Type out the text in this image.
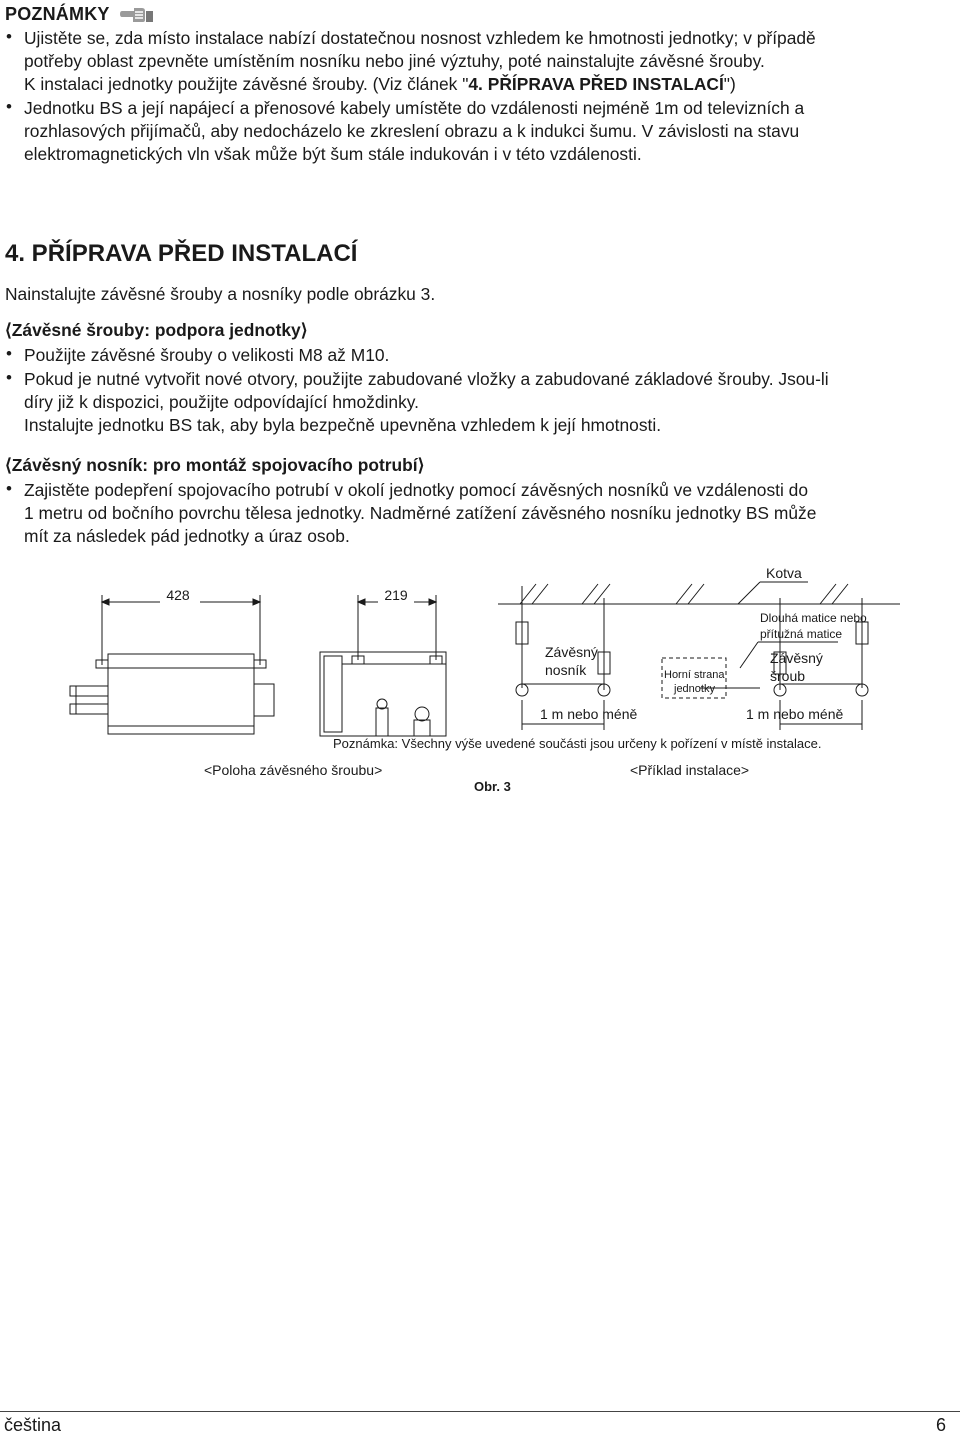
POZNÁMKY
• Ujistěte se, zda místo instalace nabízí dostatečnou nosnost vzhledem ke hmotnosti jednotky; v případě
potřeby oblast zpevněte umístěním nosníku nebo jiné výztuhy, poté nainstalujte závěsné šrouby.
K instalaci jednotky použijte závěsné šrouby. (Viz článek "4. PŘÍPRAVA PŘED INSTALACÍ")
• Jednotku BS a její napájecí a přenosové kabely umístěte do vzdálenosti nejméně 1m od televizních a
rozhlasových přijímačů, aby nedocházelo ke zkreslení obrazu a k indukci šumu. V závislosti na stavu
elektromagnetických vln však může být šum stále indukován i v této vzdálenosti.
4. PŘÍPRAVA PŘED INSTALACÍ
Nainstalujte závěsné šrouby a nosníky podle obrázku 3.
⟨Závěsné šrouby: podpora jednotky⟩
• Použijte závěsné šrouby o velikosti M8 až M10.
• Pokud je nutné vytvořit nové otvory, použijte zabudované vložky a zabudované základové šrouby. Jsou-li
díry již k dispozici, použijte odpovídající hmoždinky.
Instalujte jednotku BS tak, aby byla bezpečně upevněna vzhledem k její hmotnosti.
⟨Závěsný nosník: pro montáž spojovacího potrubí⟩
• Zajistěte podepření spojovacího potrubí v okolí jednotky pomocí závěsných nosníků ve vzdálenosti do
1 metru od bočního povrchu tělesa jednotky. Nadměrné zatížení závěsného nosníku jednotky BS může
mít za následek pád jednotky a úraz osob.
428	219
Kotva
Dlouhá matice nebo
přítužná matice
Závěsný
nosník	Horní strana
jednotky
Závěsný
šroub
1 m nebo méně	1 m nebo méně
Poznámka: Všechny výše uvedené součásti jsou určeny k pořízení v místě instalace.
<Poloha závěsného šroubu>	<Příklad instalace>
Obr. 3
čeština	6
